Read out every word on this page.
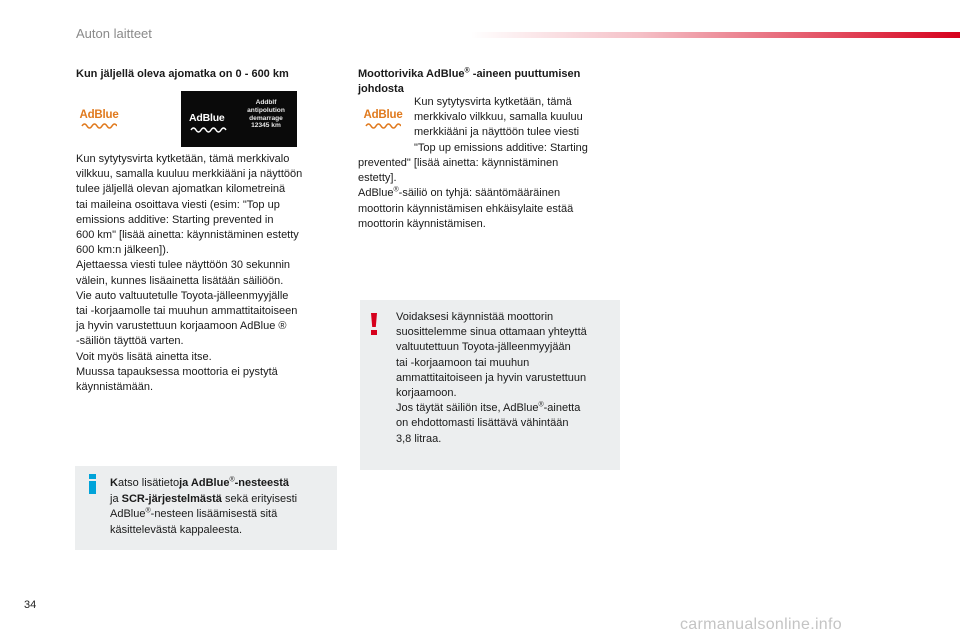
Auton laitteet
Kun jäljellä oleva ajomatka on 0 - 600 km
AdBlue	AdBlue
Addblf
antipolution
demarrage
12345 km
Kun sytytysvirta kytketään, tämä merkkivalo
vilkkuu, samalla kuuluu merkkiääni ja näyttöön
tulee jäljellä olevan ajomatkan kilometreinä
tai maileina osoittava viesti (esim: "Top up
emissions additive: Starting prevented in
600 km" [lisää ainetta: käynnistäminen estetty
600 km:n jälkeen]).
Ajettaessa viesti tulee näyttöön 30 sekunnin
välein, kunnes lisäainetta lisätään säiliöön.
Vie auto valtuutetulle Toyota-jälleenmyyjälle
tai -korjaamolle tai muuhun ammattitaitoiseen
ja hyvin varustettuun korjaamoon AdBlue ®
-säiliön täyttöä varten.
Voit myös lisätä ainetta itse.
Muussa tapauksessa moottoria ei pystytä
käynnistämään.
Katso lisätietoja AdBlue®-nesteestä
ja SCR-järjestelmästä sekä erityisesti
AdBlue®-nesteen lisäämisestä sitä
käsittelevästä kappaleesta.
Moottorivika AdBlue® -aineen puuttumisen
johdosta
AdBlue
Kun sytytysvirta kytketään, tämä
merkkivalo vilkkuu, samalla kuuluu
merkkiääni ja näyttöön tulee viesti
"Top up emissions additive: Starting
prevented" [lisää ainetta: käynnistäminen
estetty].
AdBlue®-säiliö on tyhjä: sääntömääräinen
moottorin käynnistämisen ehkäisylaite estää
moottorin käynnistämisen.
Voidaksesi käynnistää moottorin
suosittelemme sinua ottamaan yhteyttä
valtuutettuun Toyota-jälleenmyyjään
tai -korjaamoon tai muuhun
ammattitaitoiseen ja hyvin varustettuun
korjaamoon.
Jos täytät säiliön itse, AdBlue®-ainetta
on ehdottomasti lisättävä vähintään
3,8 litraa.
34
carmanualsonline.info
